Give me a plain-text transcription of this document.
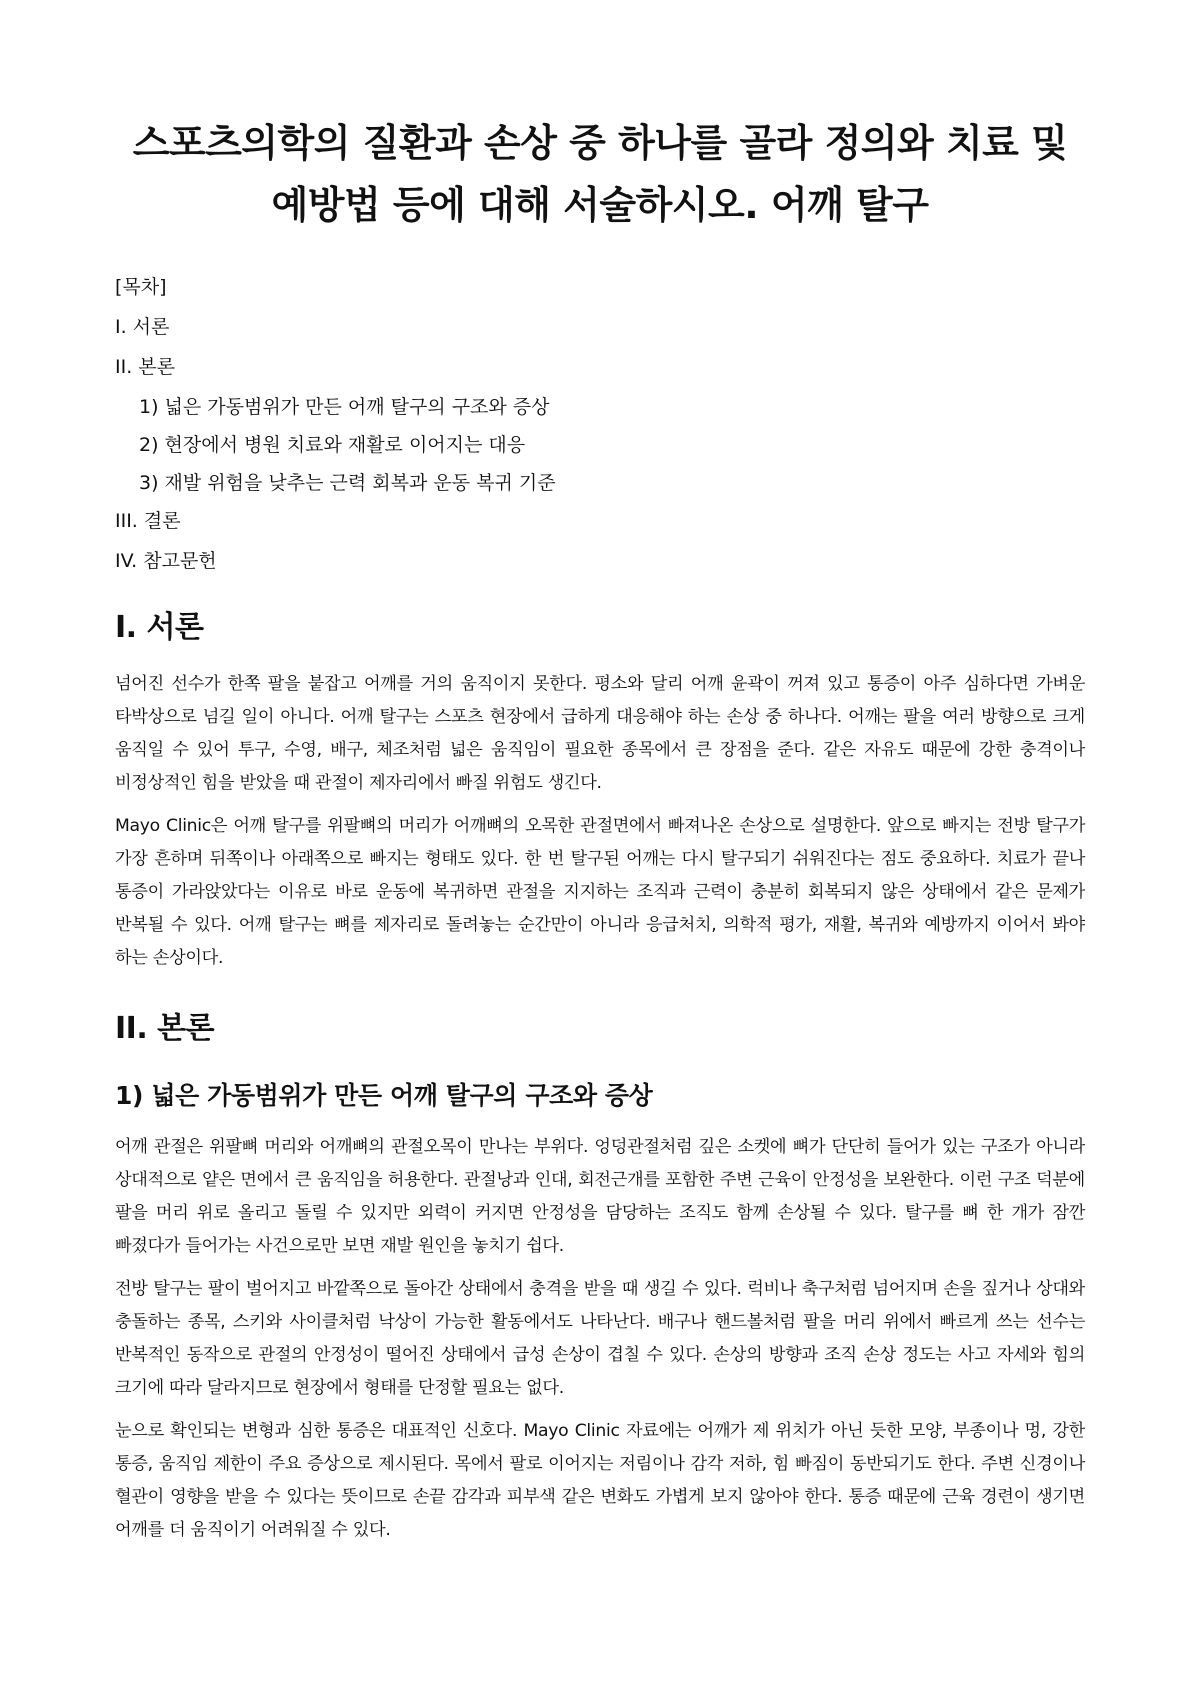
스포츠의학의 질환과 손상 중 하나를 골라 정의와 치료 및 예방법 등에 대해 서술하시오. 어깨 탈구
[목차]
I. 서론
II. 본론
1) 넓은 가동범위가 만든 어깨 탈구의 구조와 증상
2) 현장에서 병원 치료와 재활로 이어지는 대응
3) 재발 위험을 낮추는 근력 회복과 운동 복귀 기준
III. 결론
IV. 참고문헌
I. 서론

넘어진 선수가 한쪽 팔을 붙잡고 어깨를 거의 움직이지 못한다. 평소와 달리 어깨 윤곽이 꺼져 있고 통증이 아주 심하다면 가벼운 타박상으로 넘길 일이 아니다. 어깨 탈구는 스포츠 현장에서 급하게 대응해야 하는 손상 중 하나다. 어깨는 팔을 여러 방향으로 크게 움직일 수 있어 투구, 수영, 배구, 체조처럼 넓은 움직임이 필요한 종목에서 큰 장점을 준다. 같은 자유도 때문에 강한 충격이나 비정상적인 힘을 받았을 때 관절이 제자리에서 빠질 위험도 생긴다.

Mayo Clinic은 어깨 탈구를 위팔뼈의 머리가 어깨뼈의 오목한 관절면에서 빠져나온 손상으로 설명한다. 앞으로 빠지는 전방 탈구가 가장 흔하며 뒤쪽이나 아래쪽으로 빠지는 형태도 있다. 한 번 탈구된 어깨는 다시 탈구되기 쉬워진다는 점도 중요하다. 치료가 끝나 통증이 가라앉았다는 이유로 바로 운동에 복귀하면 관절을 지지하는 조직과 근력이 충분히 회복되지 않은 상태에서 같은 문제가 반복될 수 있다. 어깨 탈구는 뼈를 제자리로 돌려놓는 순간만이 아니라 응급처치, 의학적 평가, 재활, 복귀와 예방까지 이어서 봐야 하는 손상이다.

II. 본론
1) 넓은 가동범위가 만든 어깨 탈구의 구조와 증상

어깨 관절은 위팔뼈 머리와 어깨뼈의 관절오목이 만나는 부위다. 엉덩관절처럼 깊은 소켓에 뼈가 단단히 들어가 있는 구조가 아니라 상대적으로 얕은 면에서 큰 움직임을 허용한다. 관절낭과 인대, 회전근개를 포함한 주변 근육이 안정성을 보완한다. 이런 구조 덕분에 팔을 머리 위로 올리고 돌릴 수 있지만 외력이 커지면 안정성을 담당하는 조직도 함께 손상될 수 있다. 탈구를 뼈 한 개가 잠깐 빠졌다가 들어가는 사건으로만 보면 재발 원인을 놓치기 쉽다.

전방 탈구는 팔이 벌어지고 바깥쪽으로 돌아간 상태에서 충격을 받을 때 생길 수 있다. 럭비나 축구처럼 넘어지며 손을 짚거나 상대와 충돌하는 종목, 스키와 사이클처럼 낙상이 가능한 활동에서도 나타난다. 배구나 핸드볼처럼 팔을 머리 위에서 빠르게 쓰는 선수는 반복적인 동작으로 관절의 안정성이 떨어진 상태에서 급성 손상이 겹칠 수 있다. 손상의 방향과 조직 손상 정도는 사고 자세와 힘의 크기에 따라 달라지므로 현장에서 형태를 단정할 필요는 없다.

눈으로 확인되는 변형과 심한 통증은 대표적인 신호다. Mayo Clinic 자료에는 어깨가 제 위치가 아닌 듯한 모양, 부종이나 멍, 강한 통증, 움직임 제한이 주요 증상으로 제시된다. 목에서 팔로 이어지는 저림이나 감각 저하, 힘 빠짐이 동반되기도 한다. 주변 신경이나 혈관이 영향을 받을 수 있다는 뜻이므로 손끝 감각과 피부색 같은 변화도 가볍게 보지 않아야 한다. 통증 때문에 근육 경련이 생기면 어깨를 더 움직이기 어려워질 수 있다.
